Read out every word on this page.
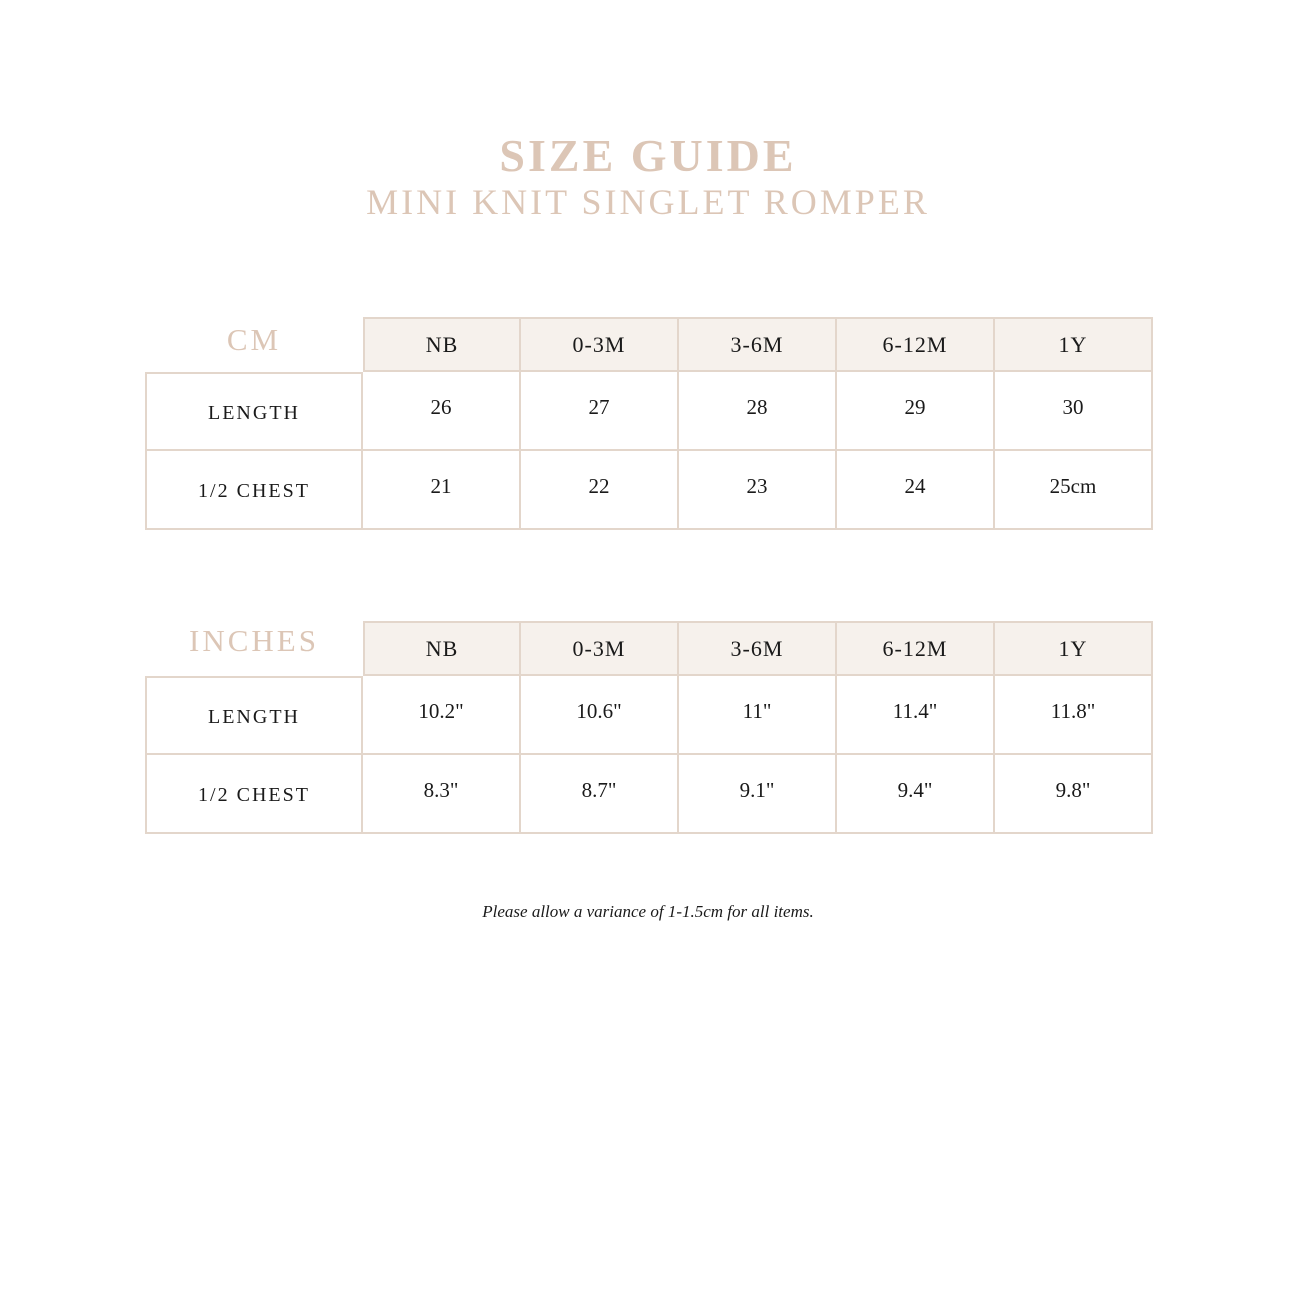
SIZE GUIDE
MINI KNIT SINGLET ROMPER
CM	NB	0-3M	3-6M	6-12M	1Y
LENGTH	26	27	28	29	30
1/2 CHEST	21	22	23	24	25cm
INCHES	NB	0-3M	3-6M	6-12M	1Y
LENGTH	10.2"	10.6"	11"	11.4"	11.8"
1/2 CHEST	8.3"	8.7"	9.1"	9.4"	9.8"
Please allow a variance of 1-1.5cm for all items.
